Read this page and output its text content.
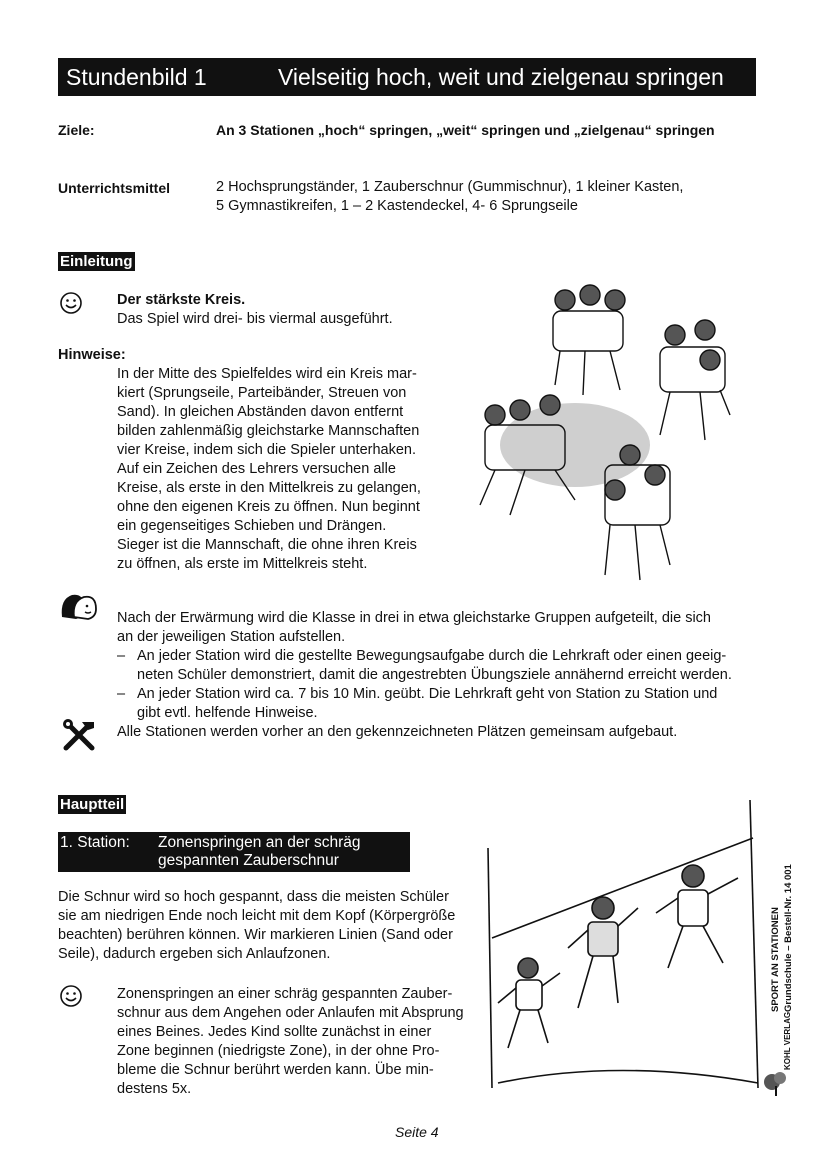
Stundenbild 1	Vielseitig hoch, weit und zielgenau springen
Ziele:	An 3 Stationen „hoch“ springen, „weit“ springen und „zielgenau“ springen
Unterrichtsmittel	2 Hochsprungständer, 1 Zauberschnur (Gummischnur), 1 kleiner Kasten,
5 Gymnastikreifen, 1 – 2 Kastendeckel, 4- 6 Sprungseile
Einleitung
Der stärkste Kreis.
Das Spiel wird drei- bis viermal ausgeführt.
Hinweise:
In der Mitte des Spielfeldes wird ein Kreis mar-
kiert (Sprungseile, Parteibänder, Streuen von
Sand). In gleichen Abständen davon entfernt
bilden zahlenmäßig gleichstarke Mannschaften
vier Kreise, indem sich die Spieler unterhaken.
Auf ein Zeichen des Lehrers versuchen alle
Kreise, als erste in den Mittelkreis zu gelangen,
ohne den eigenen Kreis zu öffnen. Nun beginnt
ein gegenseitiges Schieben und Drängen.
Sieger ist die Mannschaft, die ohne ihren Kreis
zu öffnen, als erste im Mittelkreis steht.
Nach der Erwärmung wird die Klasse in drei in etwa gleichstarke Gruppen aufgeteilt, die sich
an der jeweiligen Station aufstellen.
– An jeder Station wird die gestellte Bewegungsaufgabe durch die Lehrkraft oder einen geeig-
neten Schüler demonstriert, damit die angestrebten Übungsziele annähernd erreicht werden.
– An jeder Station wird ca. 7 bis 10 Min. geübt. Die Lehrkraft geht von Station zu Station und
gibt evtl. helfende Hinweise.
Alle Stationen werden vorher an den gekennzeichneten Plätzen gemeinsam aufgebaut.
Hauptteil
1. Station: Zonenspringen an der schräg
gespannten Zauberschnur
Die Schnur wird so hoch gespannt, dass die meisten Schüler
sie am niedrigen Ende noch leicht mit dem Kopf (Körpergröße
beachten) berühren können. Wir markieren Linien (Sand oder
Seile), dadurch ergeben sich Anlaufzonen.
Zonenspringen an einer schräg gespannten Zauber-
schnur aus dem Angehen oder Anlaufen mit Absprung
eines Beines. Jedes Kind sollte zunächst in einer
Zone beginnen (niedrigste Zone), in der ohne Pro-
bleme die Schnur berührt werden kann. Übe min-
destens 5x.
SPORT AN STATIONEN Grundschule – Bestell-Nr. 14 001
KOHL VERLAG
Seite 4
